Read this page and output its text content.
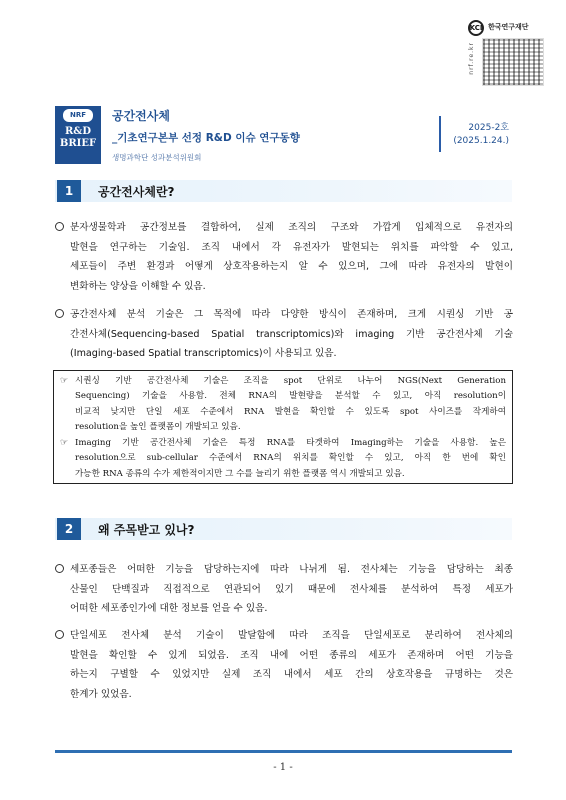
KCI 한국연구재단
nrf.re.kr
NRF
R&D
BRIEF
공간전사체
_기초연구본부 선정 R&D 이슈 연구동향
생명과학단 성과분석위원회
2025-2호
(2025.1.24.)
1	공간전사체란?
분자생물학과 공간정보를 결합하여, 실제 조직의 구조와 가깝게 입체적으로 유전자의
발현을 연구하는 기술임. 조직 내에서 각 유전자가 발현되는 위치를 파악할 수 있고,
세포들이 주변 환경과 어떻게 상호작용하는지 알 수 있으며, 그에 따라 유전자의 발현이
변화하는 양상을 이해할 수 있음.
공간전사체 분석 기술은 그 목적에 따라 다양한 방식이 존재하며, 크게 시퀀싱 기반 공
간전사체(Sequencing-based Spatial transcriptomics)와 imaging 기반 공간전사체 기술
(Imaging-based Spatial transcriptomics)이 사용되고 있음.
☞ 시퀀싱 기반 공간전사체 기술은 조직을 spot 단위로 나누어 NGS(Next Generation
Sequencing) 기술을 사용함. 전체 RNA의 발현량을 분석할 수 있고, 아직 resolution이
비교적 낮지만 단일 세포 수준에서 RNA 발현을 확인할 수 있도록 spot 사이즈를 작게하여
resolution을 높인 플랫폼이 개발되고 있음.
☞ Imaging 기반 공간전사체 기술은 특정 RNA를 타겟하여 Imaging하는 기술을 사용함. 높은
resolution으로 sub-cellular 수준에서 RNA의 위치를 확인할 수 있고, 아직 한 번에 확인
가능한 RNA 종류의 수가 제한적이지만 그 수를 늘리기 위한 플랫폼 역시 개발되고 있음.
2	왜 주목받고 있나?
세포종들은 어떠한 기능을 담당하는지에 따라 나뉘게 됨. 전사체는 기능을 담당하는 최종
산물인 단백질과 직접적으로 연관되어 있기 때문에 전사체를 분석하여 특정 세포가
어떠한 세포종인가에 대한 정보를 얻을 수 있음.
단일세포 전사체 분석 기술이 발달함에 따라 조직을 단일세포로 분리하여 전사체의
발현을 확인할 수 있게 되었음. 조직 내에 어떤 종류의 세포가 존재하며 어떤 기능을
하는지 구별할 수 있었지만 실제 조직 내에서 세포 간의 상호작용을 규명하는 것은
한계가 있었음.
- 1 -
